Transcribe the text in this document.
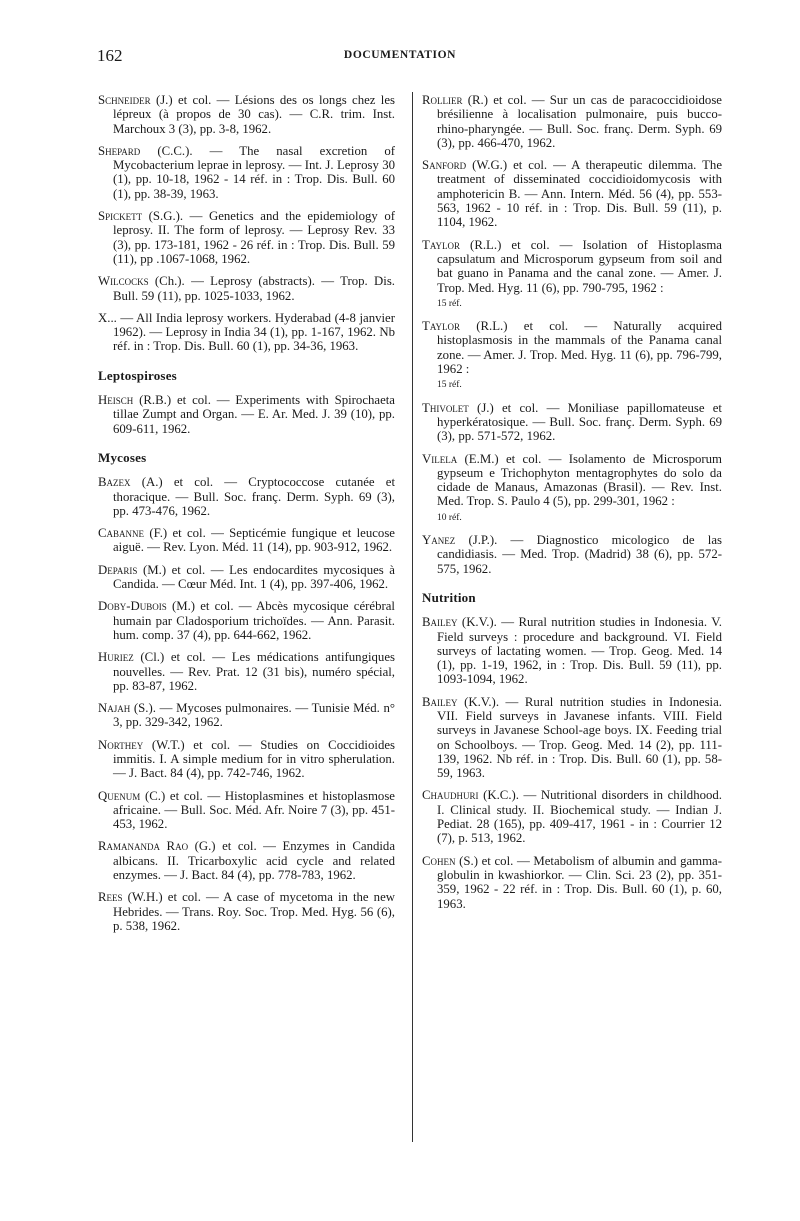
162	DOCUMENTATION

Schneider (J.) et col. — Lésions des os longs chez les lépreux (à propos de 30 cas). — C.R. trim. Inst. Marchoux 3 (3), pp. 3-8, 1962.

Shepard (C.C.). — The nasal excretion of Mycobacterium leprae in leprosy. — Int. J. Leprosy 30 (1), pp. 10-18, 1962 - 14 réf. in : Trop. Dis. Bull. 60 (1), pp. 38-39, 1963.

Spickett (S.G.). — Genetics and the epidemiology of leprosy. II. The form of leprosy. — Leprosy Rev. 33 (3), pp. 173-181, 1962 - 26 réf. in : Trop. Dis. Bull. 59 (11), pp .1067-1068, 1962.

Wilcocks (Ch.). — Leprosy (abstracts). — Trop. Dis. Bull. 59 (11), pp. 1025-1033, 1962.

X... — All India leprosy workers. Hyderabad (4-8 janvier 1962). — Leprosy in India 34 (1), pp. 1-167, 1962. Nb réf. in : Trop. Dis. Bull. 60 (1), pp. 34-36, 1963.

Leptospiroses

Heisch (R.B.) et col. — Experiments with Spirochaeta tillae Zumpt and Organ. — E. Ar. Med. J. 39 (10), pp. 609-611, 1962.

Mycoses

Bazex (A.) et col. — Cryptococcose cutanée et thoracique. — Bull. Soc. franç. Derm. Syph. 69 (3), pp. 473-476, 1962.

Cabanne (F.) et col. — Septicémie fungique et leucose aiguë. — Rev. Lyon. Méd. 11 (14), pp. 903-912, 1962.

Deparis (M.) et col. — Les endocardites mycosiques à Candida. — Cœur Méd. Int. 1 (4), pp. 397-406, 1962.

Doby-Dubois (M.) et col. — Abcès mycosique cérébral humain par Cladosporium trichoïdes. — Ann. Parasit. hum. comp. 37 (4), pp. 644-662, 1962.

Huriez (Cl.) et col. — Les médications antifungiques nouvelles. — Rev. Prat. 12 (31 bis), numéro spécial, pp. 83-87, 1962.

Najah (S.). — Mycoses pulmonaires. — Tunisie Méd. n° 3, pp. 329-342, 1962.

Northey (W.T.) et col. — Studies on Coccidioides immitis. I. A simple medium for in vitro spherulation. — J. Bact. 84 (4), pp. 742-746, 1962.

Quenum (C.) et col. — Histoplasmines et histoplasmose africaine. — Bull. Soc. Méd. Afr. Noire 7 (3), pp. 451-453, 1962.

Ramananda Rao (G.) et col. — Enzymes in Candida albicans. II. Tricarboxylic acid cycle and related enzymes. — J. Bact. 84 (4), pp. 778-783, 1962.

Rees (W.H.) et col. — A case of mycetoma in the new Hebrides. — Trans. Roy. Soc. Trop. Med. Hyg. 56 (6), p. 538, 1962.

Rollier (R.) et col. — Sur un cas de paracoccidioidose brésilienne à localisation pulmonaire, puis bucco-rhino-pharyngée. — Bull. Soc. franç. Derm. Syph. 69 (3), pp. 466-470, 1962.

Sanford (W.G.) et col. — A therapeutic dilemma. The treatment of disseminated coccidioidomycosis with amphotericin B. — Ann. Intern. Méd. 56 (4), pp. 553-563, 1962 - 10 réf. in : Trop. Dis. Bull. 59 (11), p. 1104, 1962.

Taylor (R.L.) et col. — Isolation of Histoplasma capsulatum and Microsporum gypseum from soil and bat guano in Panama and the canal zone. — Amer. J. Trop. Med. Hyg. 11 (6), pp. 790-795, 1962 :
15 réf.

Taylor (R.L.) et col. — Naturally acquired histoplasmosis in the mammals of the Panama canal zone. — Amer. J. Trop. Med. Hyg. 11 (6), pp. 796-799, 1962 :
15 réf.

Thivolet (J.) et col. — Moniliase papillomateuse et hyperkératosique. — Bull. Soc. franç. Derm. Syph. 69 (3), pp. 571-572, 1962.

Vilela (E.M.) et col. — Isolamento de Microsporum gypseum e Trichophyton mentagrophytes do solo da cidade de Manaus, Amazonas (Brasil). — Rev. Inst. Med. Trop. S. Paulo 4 (5), pp. 299-301, 1962 :
10 réf.

Yanez (J.P.). — Diagnostico micologico de las candidiasis. — Med. Trop. (Madrid) 38 (6), pp. 572-575, 1962.

Nutrition

Bailey (K.V.). — Rural nutrition studies in Indonesia. V. Field surveys : procedure and background. VI. Field surveys of lactating women. — Trop. Geog. Med. 14 (1), pp. 1-19, 1962, in : Trop. Dis. Bull. 59 (11), pp. 1093-1094, 1962.

Bailey (K.V.). — Rural nutrition studies in Indonesia. VII. Field surveys in Javanese infants. VIII. Field surveys in Javanese School-age boys. IX. Feeding trial on Schoolboys. — Trop. Geog. Med. 14 (2), pp. 111-139, 1962. Nb réf. in : Trop. Dis. Bull. 60 (1), pp. 58-59, 1963.

Chaudhuri (K.C.). — Nutritional disorders in childhood. I. Clinical study. II. Biochemical study. — Indian J. Pediat. 28 (165), pp. 409-417, 1961 - in : Courrier 12 (7), p. 513, 1962.

Cohen (S.) et col. — Metabolism of albumin and gamma-globulin in kwashiorkor. — Clin. Sci. 23 (2), pp. 351-359, 1962 - 22 réf. in : Trop. Dis. Bull. 60 (1), p. 60, 1963.
